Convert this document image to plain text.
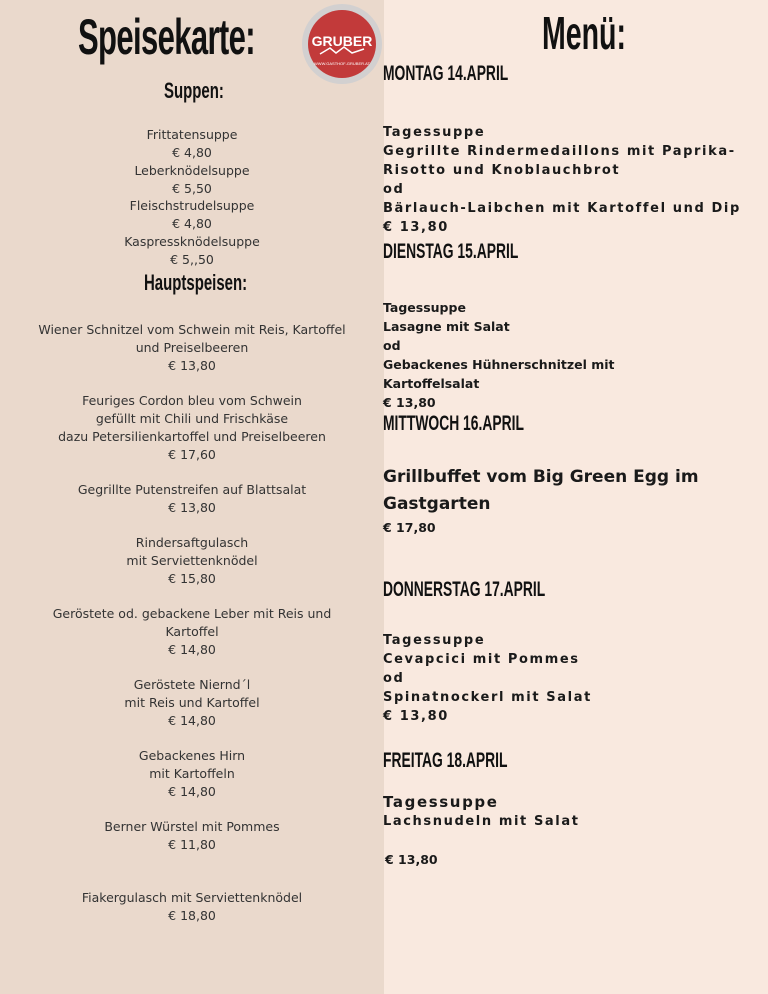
Speisekarte:	GRUBER
WWW.GASTHOF-GRUBER.AT
Suppen:
Frittatensuppe
€ 4,80
Leberknödelsuppe
€ 5,50
Fleischstrudelsuppe
€ 4,80
Kaspressknödelsuppe
€ 5,,50
Hauptspeisen:
Wiener Schnitzel vom Schwein mit Reis, Kartoffel
und Preiselbeeren
€ 13,80
Feuriges Cordon bleu vom Schwein
gefüllt mit Chili und Frischkäse
dazu Petersilienkartoffel und Preiselbeeren
€ 17,60
Gegrillte Putenstreifen auf Blattsalat
€ 13,80
Rindersaftgulasch
mit Serviettenknödel
€ 15,80
Geröstete od. gebackene Leber mit Reis und
Kartoffel
€ 14,80
Geröstete Niernd´l
mit Reis und Kartoffel
€ 14,80
Gebackenes Hirn
mit Kartoffeln
€ 14,80
Berner Würstel mit Pommes
€ 11,80
Fiakergulasch mit Serviettenknödel
€ 18,80
Menü:
MONTAG 14.APRIL
Tagessuppe
Gegrillte Rindermedaillons mit Paprika-
Risotto und Knoblauchbrot
od
Bärlauch-Laibchen mit Kartoffel und Dip
€ 13,80
DIENSTAG 15.APRIL
Tagessuppe
Lasagne mit Salat
od
Gebackenes Hühnerschnitzel mit
Kartoffelsalat
€ 13,80
MITTWOCH 16.APRIL
Grillbuffet vom Big Green Egg im
Gastgarten
€ 17,80
DONNERSTAG 17.APRIL
Tagessuppe
Cevapcici mit Pommes
od
Spinatnockerl mit Salat
€ 13,80
FREITAG 18.APRIL
Tagessuppe
Lachsnudeln mit Salat
€ 13,80
